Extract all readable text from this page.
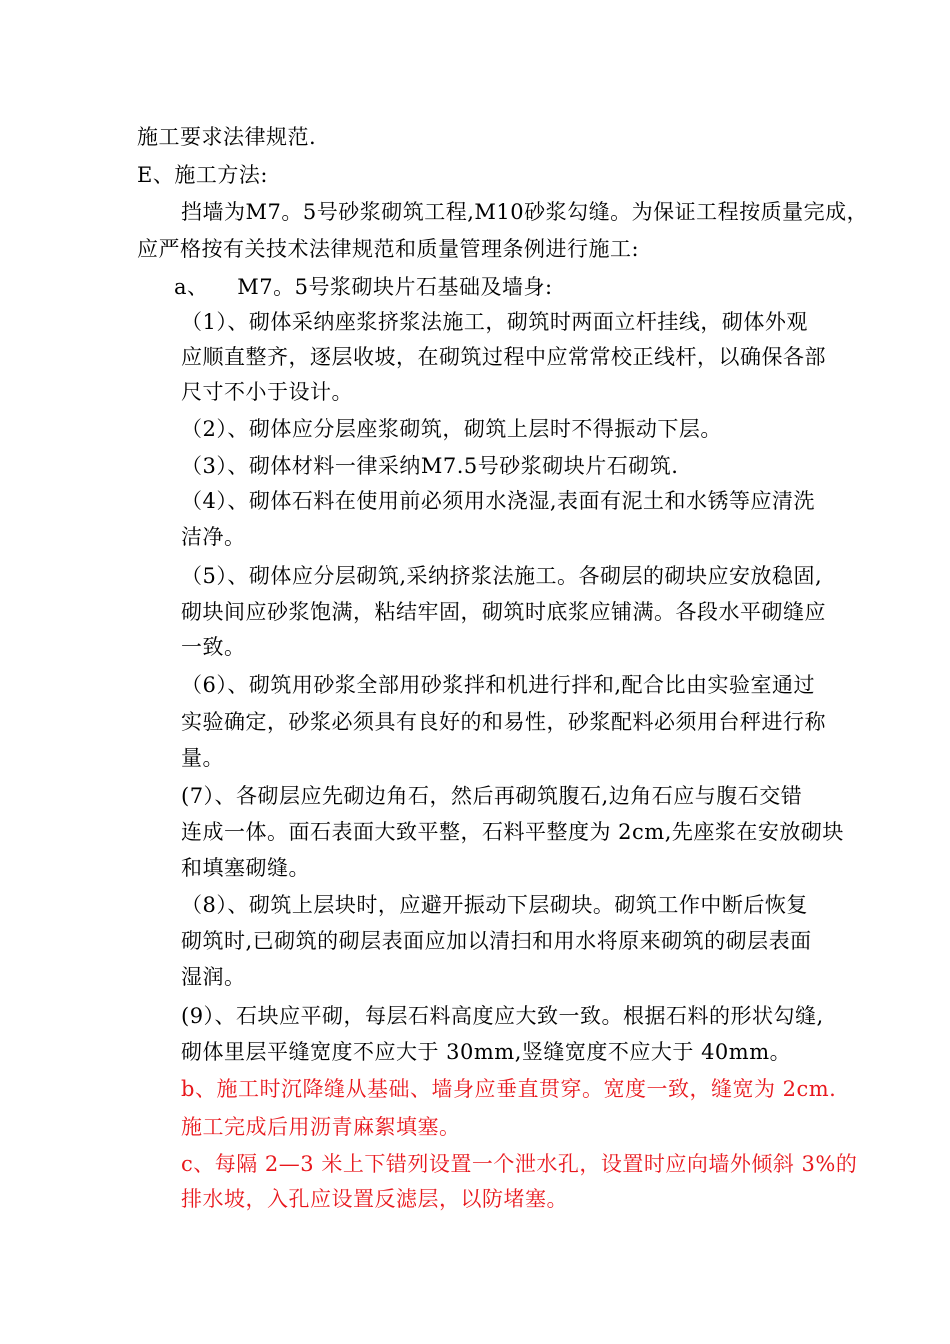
施工要求法律规范.
E、施工方法:
挡墙为M7。5号砂浆砌筑工程,M10砂浆勾缝。为保证工程按质量完成，
应严格按有关技术法律规范和质量管理条例进行施工:
a、    M7。5号浆砌块片石基础及墙身:
（1）、砌体采纳座浆挤浆法施工，砌筑时两面立杆挂线，砌体外观
应顺直整齐，逐层收坡，在砌筑过程中应常常校正线杆，以确保各部
尺寸不小于设计。
（2）、砌体应分层座浆砌筑，砌筑上层时不得振动下层。
（3）、砌体材料一律采纳M7.5号砂浆砌块片石砌筑.
（4）、砌体石料在使用前必须用水浇湿,表面有泥土和水锈等应清洗
洁净。
（5）、砌体应分层砌筑,采纳挤浆法施工。各砌层的砌块应安放稳固,
砌块间应砂浆饱满，粘结牢固，砌筑时底浆应铺满。各段水平砌缝应
一致。
（6）、砌筑用砂浆全部用砂浆拌和机进行拌和,配合比由实验室通过
实验确定，砂浆必须具有良好的和易性，砂浆配料必须用台秤进行称
量。
(7）、各砌层应先砌边角石，然后再砌筑腹石,边角石应与腹石交错
连成一体。面石表面大致平整，石料平整度为 2cm,先座浆在安放砌块
和填塞砌缝。
（8）、砌筑上层块时，应避开振动下层砌块。砌筑工作中断后恢复
砌筑时,已砌筑的砌层表面应加以清扫和用水将原来砌筑的砌层表面
湿润。
(9）、石块应平砌，每层石料高度应大致一致。根据石料的形状勾缝,
砌体里层平缝宽度不应大于 30mm,竖缝宽度不应大于 40mm。
b、施工时沉降缝从基础、墙身应垂直贯穿。宽度一致，缝宽为 2cm.
施工完成后用沥青麻絮填塞。
c、每隔 2—3 米上下错列设置一个泄水孔，设置时应向墙外倾斜 3%的
排水坡，入孔应设置反滤层，以防堵塞。
